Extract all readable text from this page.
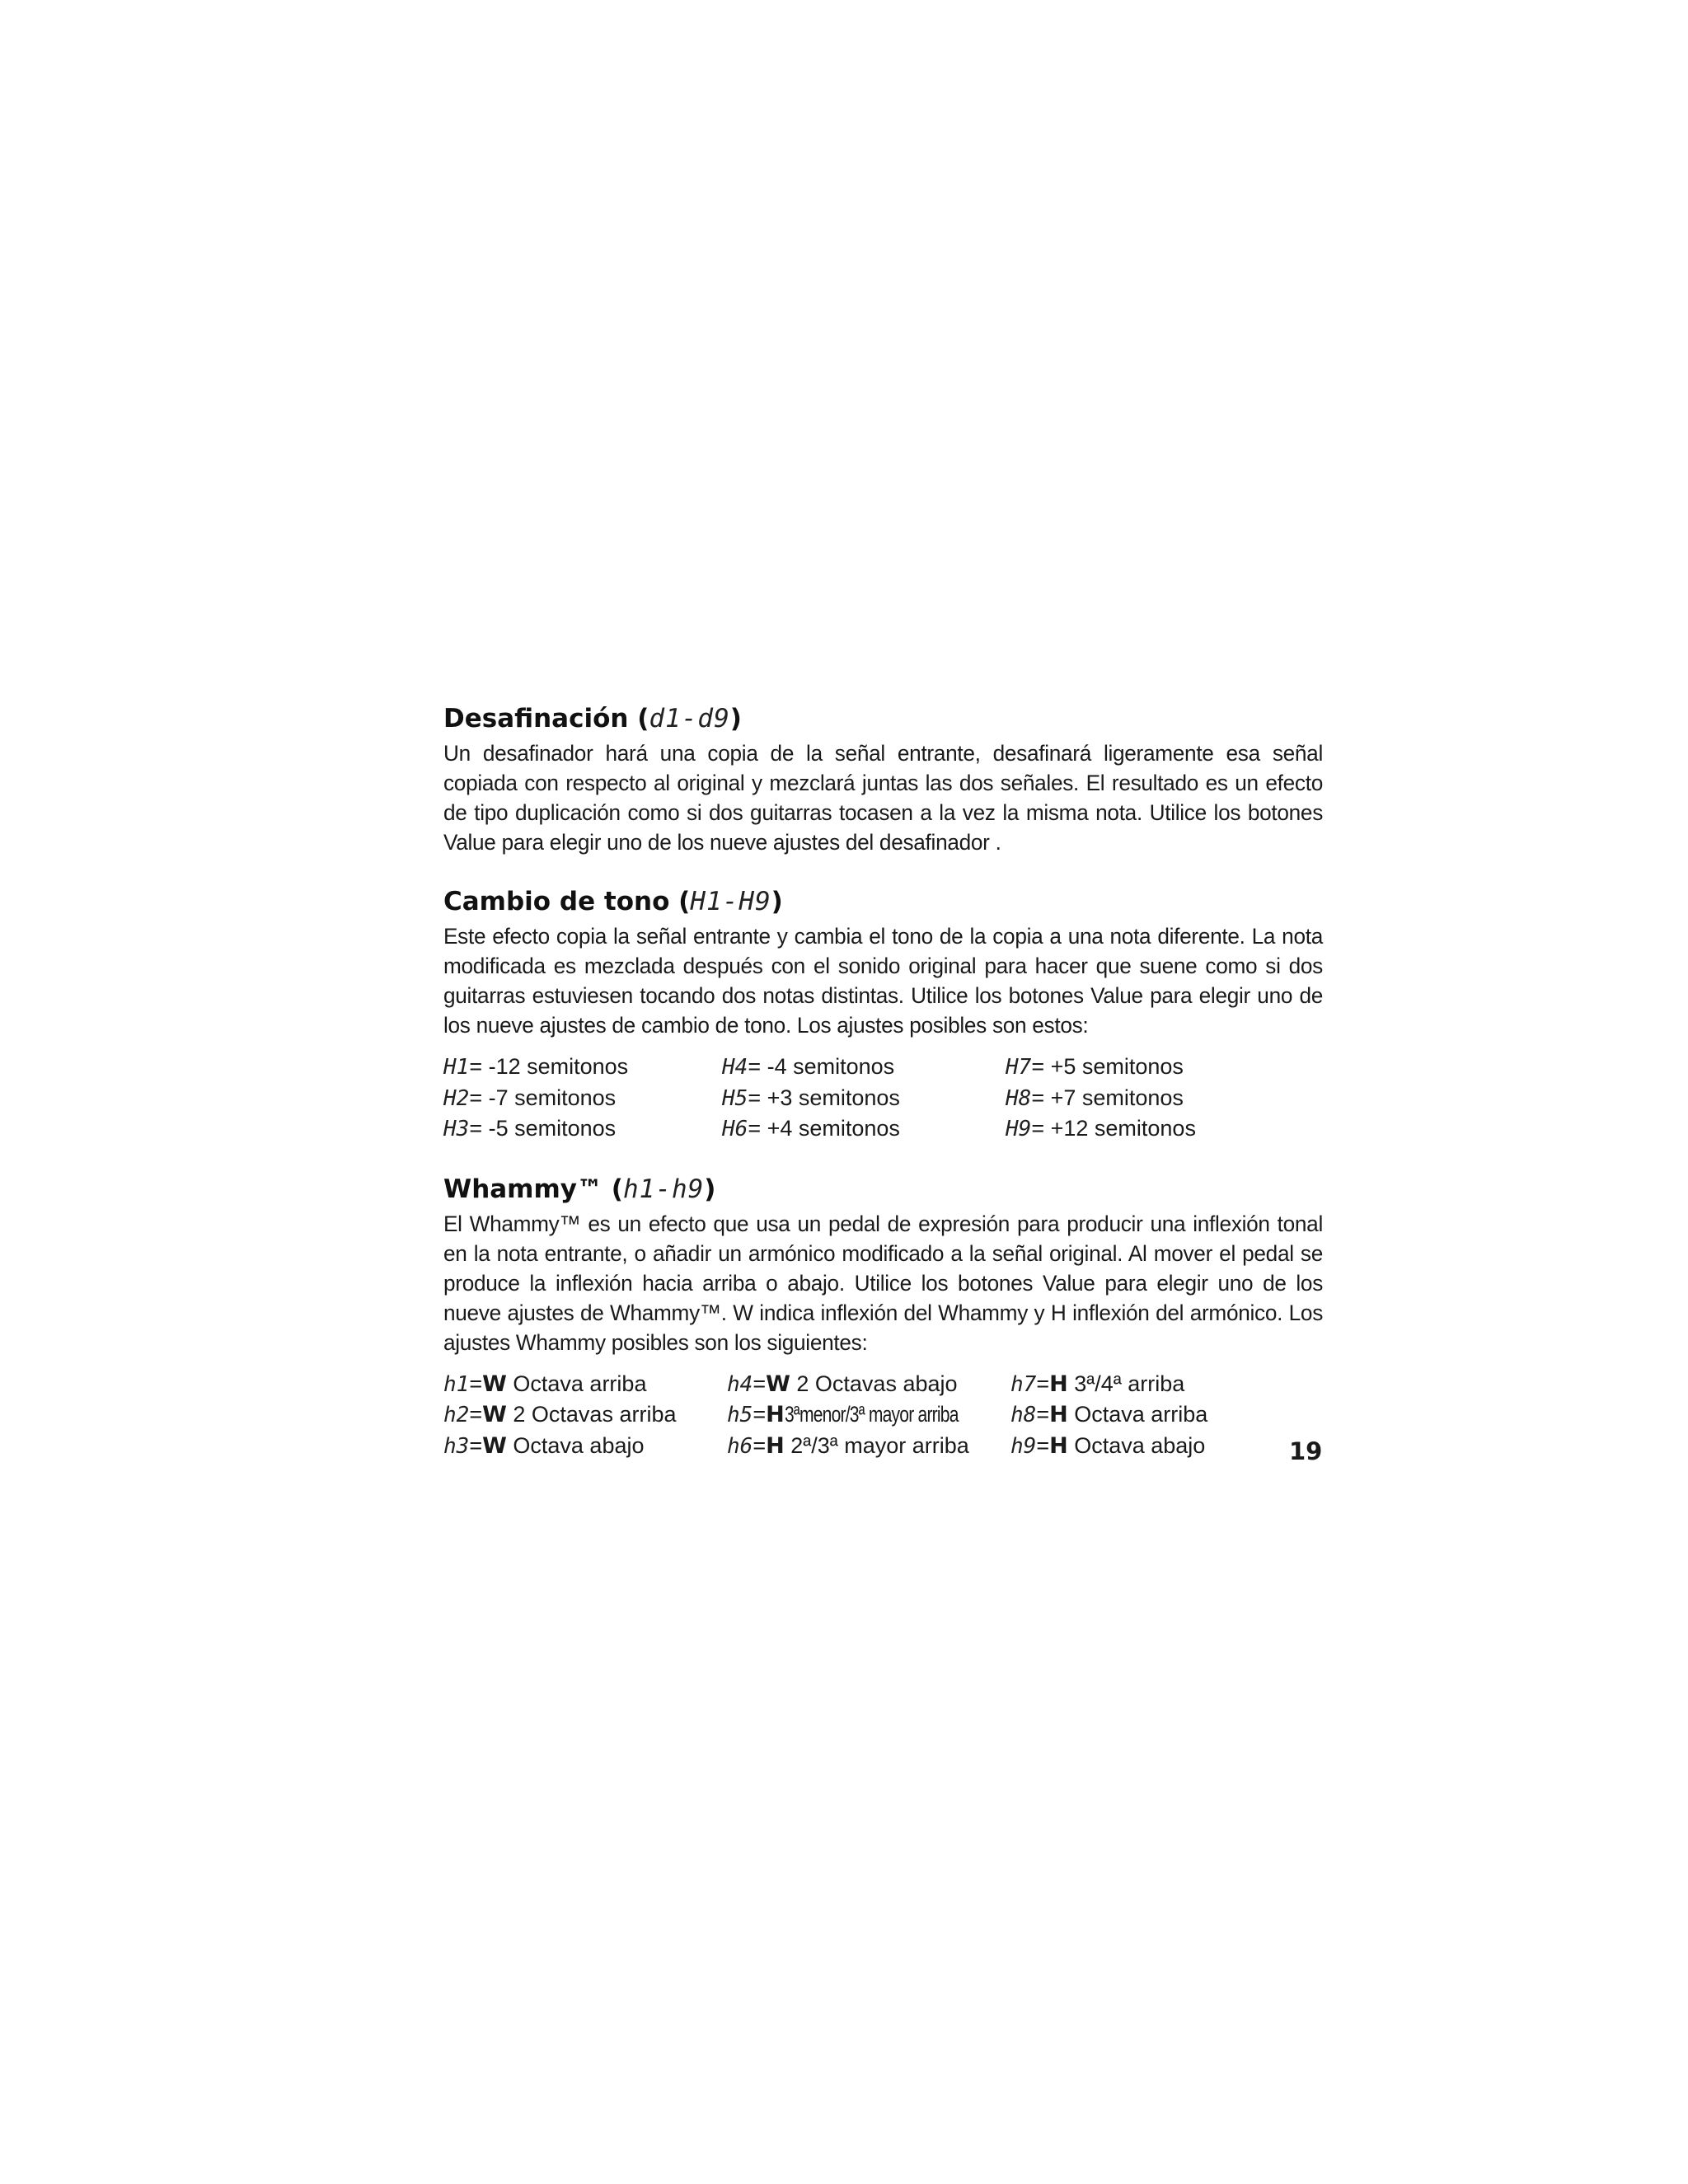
Desafinación (d1-d9)

Un desafinador hará una copia de la señal entrante, desafinará ligeramente esa señal copiada con respecto al original y mezclará juntas las dos señales. El resultado es un efecto de tipo duplicación como si dos guitarras tocasen a la vez la misma nota. Utilice los botones Value para elegir uno de los nueve ajustes del desafinador .

Cambio de tono (H1-H9)

Este efecto copia la señal entrante y cambia el tono de la copia a una nota diferente. La nota modificada es mezclada después con el sonido original para hacer que suene como si dos guitarras estuviesen tocando dos notas distintas. Utilice los botones Value para elegir uno de los nueve ajustes de cambio de tono. Los ajustes posibles son estos:

H1= -12 semitonos	H4= -4 semitonos	H7= +5 semitonos
H2= -7 semitonos	H5= +3 semitonos	H8= +7 semitonos
H3= -5 semitonos	H6= +4 semitonos	H9= +12 semitonos
Whammy™ (h1-h9)

El Whammy™ es un efecto que usa un pedal de expresión para producir una inflexión tonal en la nota entrante, o añadir un armónico modificado a la señal original. Al mover el pedal se produce la inflexión hacia arriba o abajo. Utilice los botones Value para elegir uno de los nueve ajustes de Whammy™. W indica inflexión del Whammy y H inflexión del armónico. Los ajustes Whammy posibles son los siguientes:

h1=W Octava arriba	h4=W 2 Octavas abajo	h7=H 3ª/4ª arriba
h2=W 2 Octavas arriba	h5=H3ªmenor/3ª mayor arriba	h8=H Octava arriba
h3=W Octava abajo	h6=H 2ª/3ª mayor arriba	h9=H Octava abajo	19
